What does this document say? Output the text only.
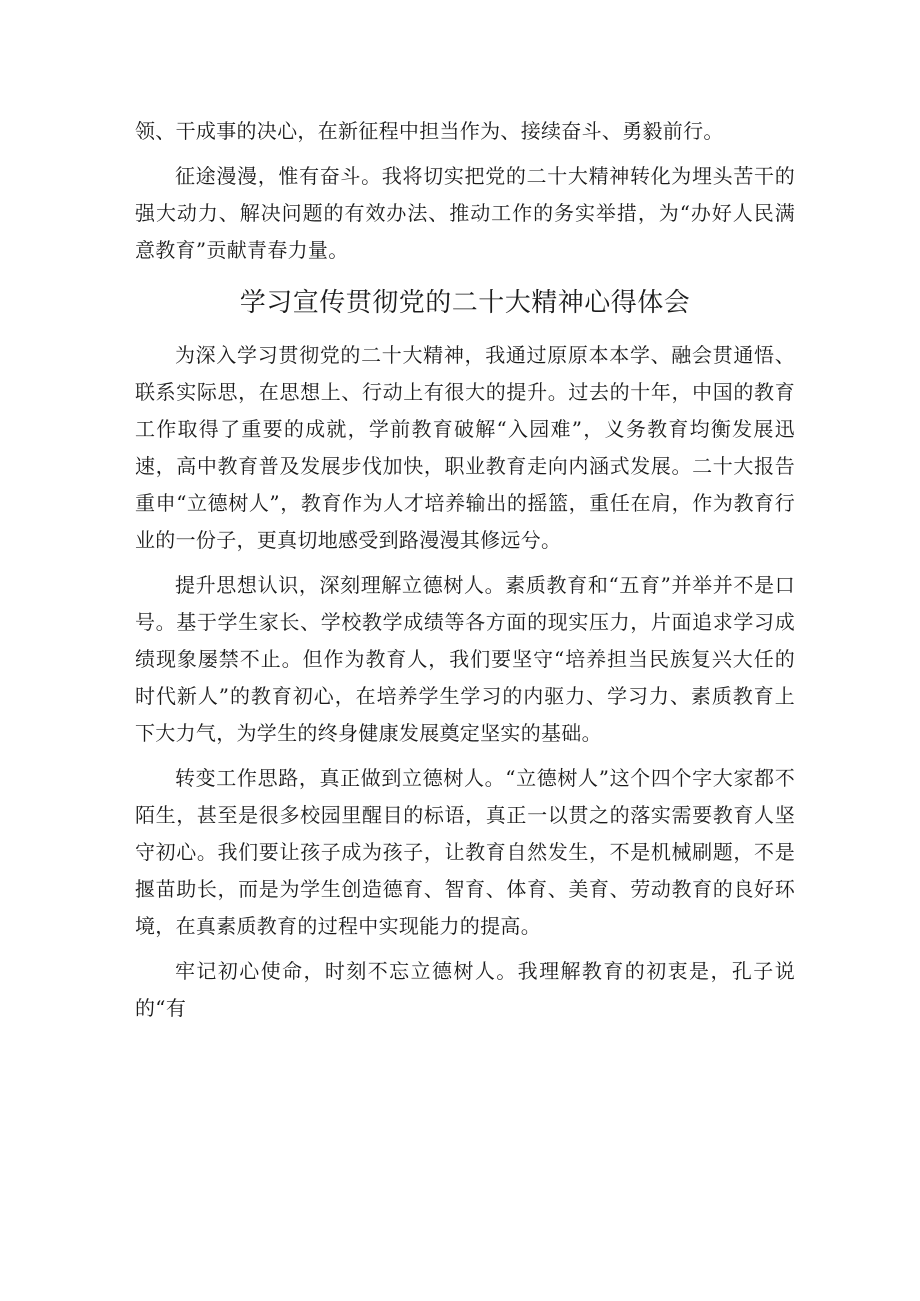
领、干成事的决心，在新征程中担当作为、接续奋斗、勇毅前行。

征途漫漫，惟有奋斗。我将切实把党的二十大精神转化为埋头苦干的强大动力、解决问题的有效办法、推动工作的务实举措，为“办好人民满意教育”贡献青春力量。

学习宣传贯彻党的二十大精神心得体会

为深入学习贯彻党的二十大精神，我通过原原本本学、融会贯通悟、联系实际思，在思想上、行动上有很大的提升。过去的十年，中国的教育工作取得了重要的成就，学前教育破解“入园难”，义务教育均衡发展迅速，高中教育普及发展步伐加快，职业教育走向内涵式发展。二十大报告重申“立德树人”，教育作为人才培养输出的摇篮，重任在肩，作为教育行业的一份子，更真切地感受到路漫漫其修远兮。

提升思想认识，深刻理解立德树人。素质教育和“五育”并举并不是口号。基于学生家长、学校教学成绩等各方面的现实压力，片面追求学习成绩现象屡禁不止。但作为教育人，我们要坚守“培养担当民族复兴大任的时代新人”的教育初心，在培养学生学习的内驱力、学习力、素质教育上下大力气，为学生的终身健康发展奠定坚实的基础。

转变工作思路，真正做到立德树人。“立德树人”这个四个字大家都不陌生，甚至是很多校园里醒目的标语，真正一以贯之的落实需要教育人坚守初心。我们要让孩子成为孩子，让教育自然发生，不是机械刷题，不是揠苗助长，而是为学生创造德育、智育、体育、美育、劳动教育的良好环境，在真素质教育的过程中实现能力的提高。

牢记初心使命，时刻不忘立德树人。我理解教育的初衷是，孔子说的“有
